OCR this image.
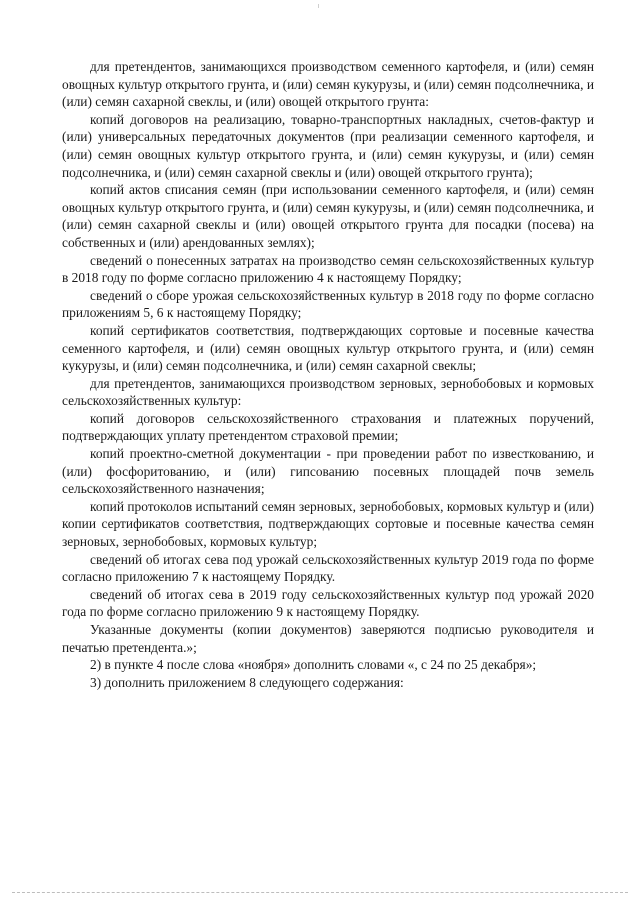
для претендентов, занимающихся производством семенного картофеля, и (или) семян овощных культур открытого грунта, и (или) семян кукурузы, и (или) семян подсолнечника, и (или) семян сахарной свеклы, и (или) овощей открытого грунта:

копий договоров на реализацию, товарно-транспортных накладных, счетов-фактур и (или) универсальных передаточных документов (при реализации семенного картофеля, и (или) семян овощных культур открытого грунта, и (или) семян кукурузы, и (или) семян подсолнечника, и (или) семян сахарной свеклы и (или) овощей открытого грунта);

копий актов списания семян (при использовании семенного картофеля, и (или) семян овощных культур открытого грунта, и (или) семян кукурузы, и (или) семян подсолнечника, и (или) семян сахарной свеклы и (или) овощей открытого грунта для посадки (посева) на собственных и (или) арендованных землях);

сведений о понесенных затратах на производство семян сельскохозяйственных культур в 2018 году по форме согласно приложению 4 к настоящему Порядку;

сведений о сборе урожая сельскохозяйственных культур в 2018 году по форме согласно приложениям 5, 6 к настоящему Порядку;

копий сертификатов соответствия, подтверждающих сортовые и посевные качества семенного картофеля, и (или) семян овощных культур открытого грунта, и (или) семян кукурузы, и (или) семян подсолнечника, и (или) семян сахарной свеклы;

для претендентов, занимающихся производством зерновых, зернобобовых и кормовых сельскохозяйственных культур:

копий договоров сельскохозяйственного страхования и платежных поручений, подтверждающих уплату претендентом страховой премии;

копий проектно-сметной документации - при проведении работ по известкованию, и (или) фосфоритованию, и (или) гипсованию посевных площадей почв земель сельскохозяйственного назначения;

копий протоколов испытаний семян зерновых, зернобобовых, кормовых культур и (или) копии сертификатов соответствия, подтверждающих сортовые и посевные качества семян зерновых, зернобобовых, кормовых культур;

сведений об итогах сева под урожай сельскохозяйственных культур 2019 года по форме согласно приложению 7 к настоящему Порядку.

сведений об итогах сева в 2019 году сельскохозяйственных культур под урожай 2020 года по форме согласно приложению 9 к настоящему Порядку.

Указанные документы (копии документов) заверяются подписью руководителя и печатью претендента.»;

2) в пункте 4 после слова «ноября» дополнить словами «, с 24 по 25 декабря»;

3) дополнить приложением 8 следующего содержания:
